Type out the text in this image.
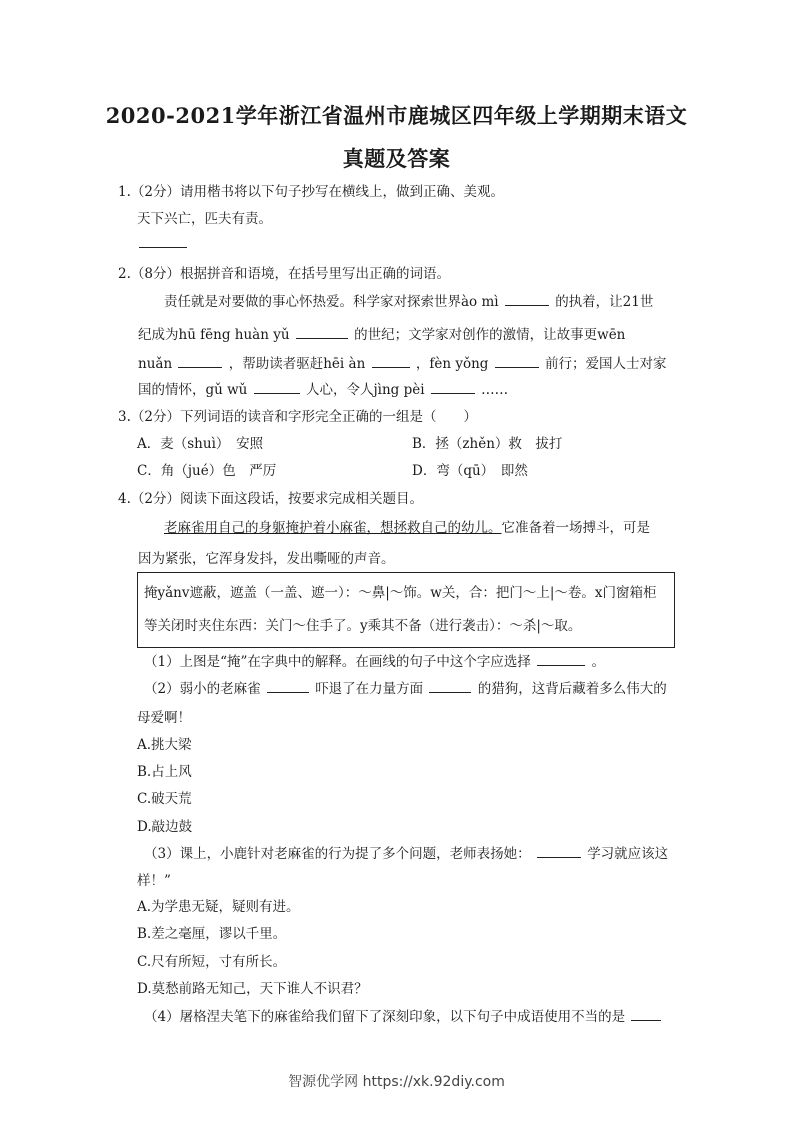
2020-2021学年浙江省温州市鹿城区四年级上学期期末语文
真题及答案
1.（2分）请用楷书将以下句子抄写在横线上，做到正确、美观。
天下兴亡，匹夫有责。
2.（8分）根据拼音和语境，在括号里写出正确的词语。
责任就是对要做的事心怀热爱。科学家对探索世界ào mì	的执着，让21世
纪成为hū fēng huàn yǔ	的世纪；文学家对创作的激情，让故事更wēn
nuǎn	，帮助读者驱赶hēi àn	，fèn yǒng	前行；爱国人士对家
国的情怀，gǔ wǔ	人心，令人jìng pèi	……
3.（2分）下列词语的读音和字形完全正确的一组是（　　）
A．麦（shuì）　安照	B．拯（zhěn）救　拔打
C．角（jué）色　严厉	D．弯（qū）　即然
4.（2分）阅读下面这段话，按要求完成相关题目。
老麻雀用自己的身躯掩护着小麻雀，想拯救自己的幼儿。它准备着一场搏斗，可是
因为紧张，它浑身发抖，发出嘶哑的声音。
掩yǎnv遮蔽，遮盖（一盖、遮一）：～鼻|～饰。w关，合：把门～上|～卷。x门窗箱柜
等关闭时夹住东西：关门～住手了。y乘其不备（进行袭击）：～杀|～取。
（1）上图是“掩”在字典中的解释。在画线的句子中这个字应选择	。
（2）弱小的老麻雀	吓退了在力量方面	的猎狗，这背后藏着多么伟大的
母爱啊！
A.挑大梁
B.占上风
C.破天荒
D.敲边鼓
（3）课上，小鹿针对老麻雀的行为提了多个问题，老师表扬她：	学习就应该这
样！”
A.为学患无疑，疑则有进。
B.差之毫厘，谬以千里。
C.尺有所短，寸有所长。
D.莫愁前路无知己，天下谁人不识君？
（4）屠格涅夫笔下的麻雀给我们留下了深刻印象，以下句子中成语使用不当的是
智源优学网 https://xk.92diy.com
